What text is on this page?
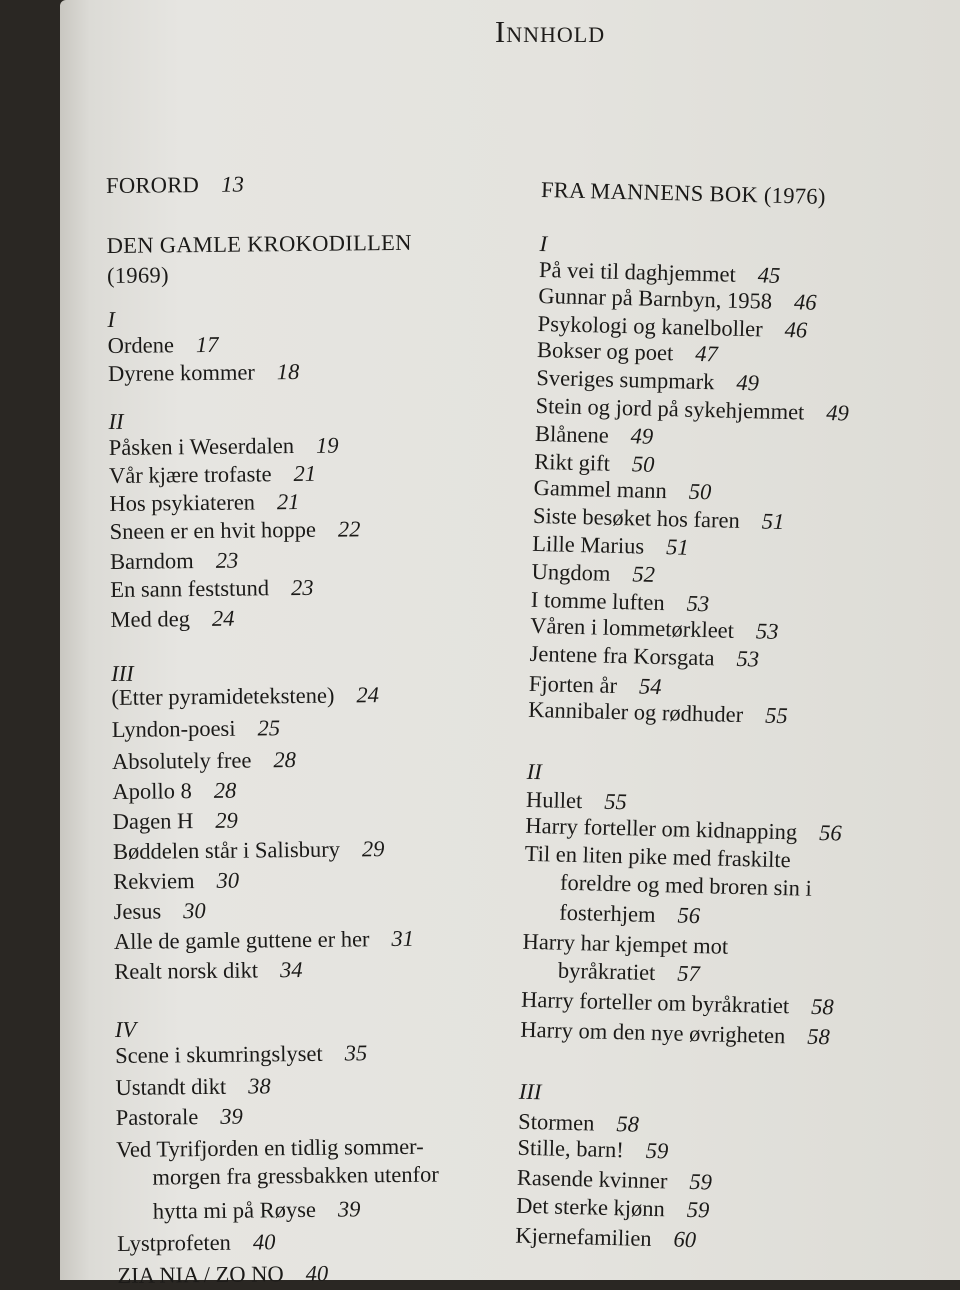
Innhold
FORORD 13
DEN GAMLE KROKODILLEN
(1969)
I
Ordene 17
Dyrene kommer 18
II
Påsken i Weserdalen 19
Vår kjære trofaste 21
Hos psykiateren 21
Sneen er en hvit hoppe 22
Barndom 23
En sann feststund 23
Med deg 24
III
(Etter pyramidetekstene) 24
Lyndon-poesi 25
Absolutely free 28
Apollo 8 28
Dagen H 29
Bøddelen står i Salisbury 29
Rekviem 30
Jesus 30
Alle de gamle guttene er her 31
Realt norsk dikt 34
IV
Scene i skumringslyset 35
Ustandt dikt 38
Pastorale 39
Ved Tyrifjorden en tidlig sommer-
morgen fra gressbakken utenfor
hytta mi på Røyse 39
Lystprofeten 40
ZIA NIA / ZO NO 40
FRA MANNENS BOK (1976)
I
På vei til daghjemmet 45
Gunnar på Barnbyn, 1958 46
Psykologi og kanelboller 46
Bokser og poet 47
Sveriges sumpmark 49
Stein og jord på sykehjemmet 49
Blånene 49
Rikt gift 50
Gammel mann 50
Siste besøket hos faren 51
Lille Marius 51
Ungdom 52
I tomme luften 53
Våren i lommetørkleet 53
Jentene fra Korsgata 53
Fjorten år 54
Kannibaler og rødhuder 55
II
Hullet 55
Harry forteller om kidnapping 56
Til en liten pike med fraskilte
foreldre og med broren sin i
fosterhjem 56
Harry har kjempet mot
byråkratiet 57
Harry forteller om byråkratiet 58
Harry om den nye øvrigheten 58
III
Stormen 58
Stille, barn! 59
Rasende kvinner 59
Det sterke kjønn 59
Kjernefamilien 60
